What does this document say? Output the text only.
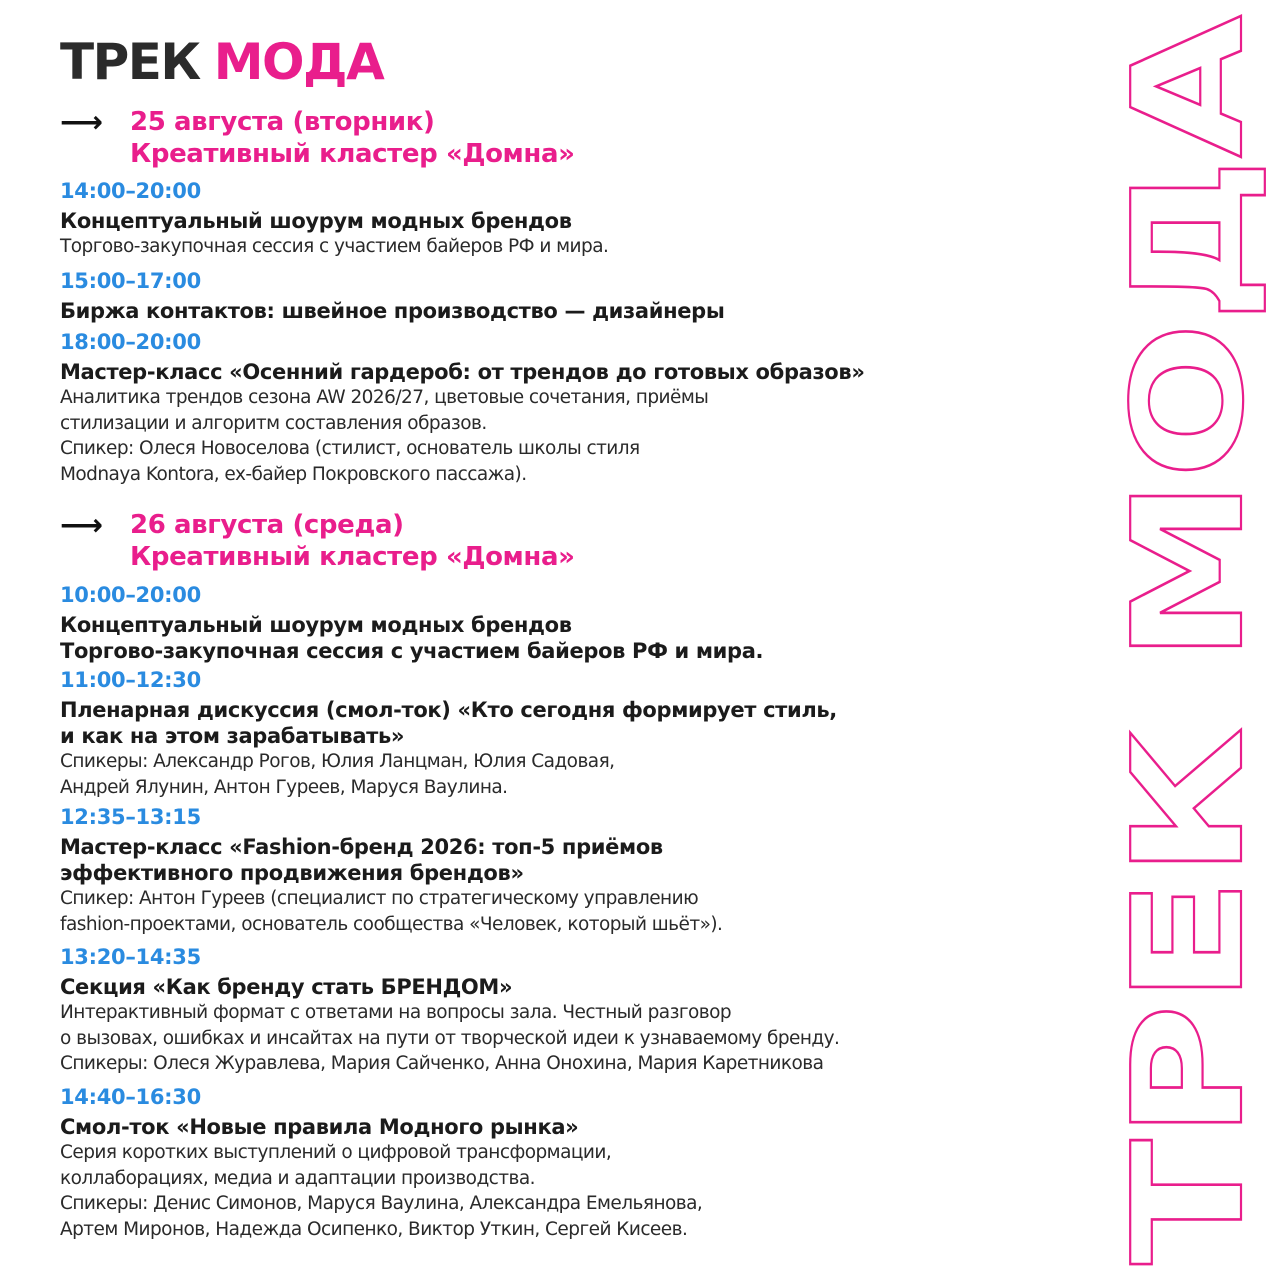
ТРЕК МОДА
⟶ 25 августа (вторник)
Креативный кластер «Домна»
14:00–20:00
Концептуальный шоурум модных брендов
Торгово-закупочная сессия с участием байеров РФ и мира.
15:00–17:00
Биржа контактов: швейное производство — дизайнеры
18:00–20:00
Мастер-класс «Осенний гардероб: от трендов до готовых образов»
Аналитика трендов сезона AW 2026/27, цветовые сочетания, приёмы
стилизации и алгоритм составления образов.
Спикер: Олеся Новоселова (стилист, основатель школы стиля
Modnaya Kontora, ex-байер Покровского пассажа).
⟶ 26 августа (среда)
Креативный кластер «Домна»
10:00–20:00
Концептуальный шоурум модных брендов
Торгово-закупочная сессия с участием байеров РФ и мира.
11:00–12:30
Пленарная дискуссия (смол-ток) «Кто сегодня формирует стиль,
и как на этом зарабатывать»
Спикеры: Александр Рогов, Юлия Ланцман, Юлия Садовая,
Андрей Ялунин, Антон Гуреев, Маруся Ваулина.
12:35–13:15
Мастер-класс «Fashion-бренд 2026: топ-5 приёмов
эффективного продвижения брендов»
Спикер: Антон Гуреев (специалист по стратегическому управлению
fashion-проектами, основатель сообщества «Человек, который шьёт»).
13:20–14:35
Секция «Как бренду стать БРЕНДОМ»
Интерактивный формат с ответами на вопросы зала. Честный разговор
о вызовах, ошибках и инсайтах на пути от творческой идеи к узнаваемому бренду.
Спикеры: Олеся Журавлева, Мария Сайченко, Анна Онохина, Мария Каретникова
14:40–16:30
Смол-ток «Новые правила Модного рынка»
Серия коротких выступлений о цифровой трансформации,
коллаборациях, медиа и адаптации производства.
Спикеры: Денис Симонов, Маруся Ваулина, Александра Емельянова,
Артем Миронов, Надежда Осипенко, Виктор Уткин, Сергей Кисеев.	ТРЕК МОДА
